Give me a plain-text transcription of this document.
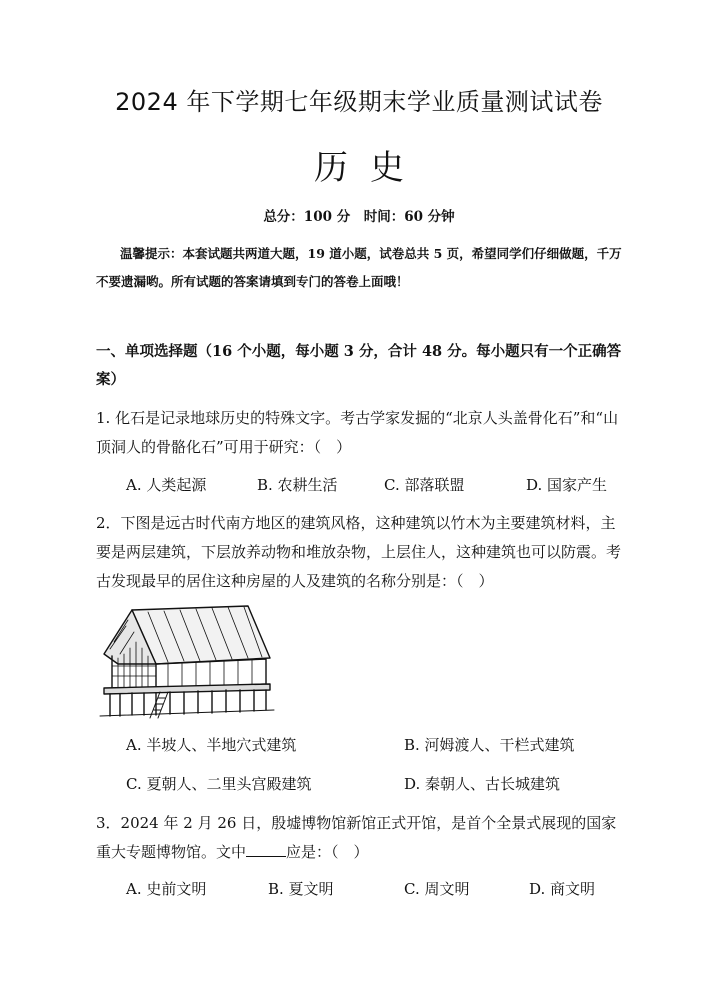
2024 年下学期七年级期末学业质量测试试卷
历史
总分：100 分　时间：60 分钟
温馨提示：本套试题共两道大题，19 道小题，试卷总共 5 页，希望同学们仔细做题，千万不要遗漏哟。所有试题的答案请填到专门的答卷上面哦！
一、单项选择题（16 个小题，每小题 3 分，合计 48 分。每小题只有一个正确答案）
1. 化石是记录地球历史的特殊文字。考古学家发掘的“北京人头盖骨化石”和“山顶洞人的骨骼化石”可用于研究：（　）
A. 人类起源	B. 农耕生活	C. 部落联盟	D. 国家产生
2．下图是远古时代南方地区的建筑风格，这种建筑以竹木为主要建筑材料，主要是两层建筑，下层放养动物和堆放杂物，上层住人，这种建筑也可以防震。考古发现最早的居住这种房屋的人及建筑的名称分别是：（　）
A. 半坡人、半地穴式建筑	B. 河姆渡人、干栏式建筑
C. 夏朝人、二里头宫殿建筑	D. 秦朝人、古长城建筑
3．2024 年 2 月 26 日，殷墟博物馆新馆正式开馆，是首个全景式展现的国家重大专题博物馆。文中	应是：（　）
A. 史前文明	B. 夏文明	C. 周文明	D. 商文明
